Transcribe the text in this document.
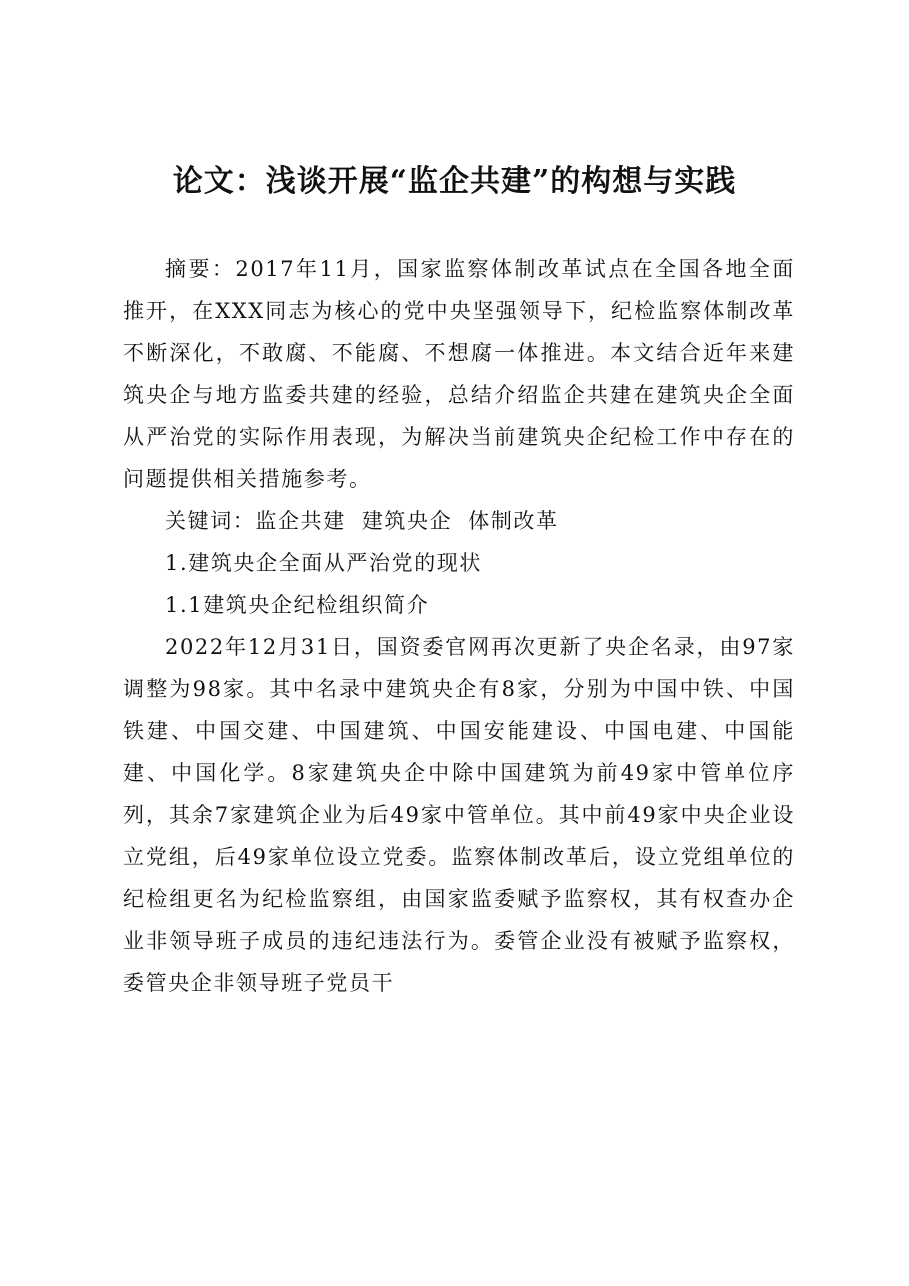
论文：浅谈开展“监企共建”的构想与实践

摘要：2017年11月，国家监察体制改革试点在全国各地全面推开，在XXX同志为核心的党中央坚强领导下，纪检监察体制改革不断深化，不敢腐、不能腐、不想腐一体推进。本文结合近年来建筑央企与地方监委共建的经验，总结介绍监企共建在建筑央企全面从严治党的实际作用表现，为解决当前建筑央企纪检工作中存在的问题提供相关措施参考。

关键词：监企共建 建筑央企 体制改革

1.建筑央企全面从严治党的现状

1.1建筑央企纪检组织简介

2022年12月31日，国资委官网再次更新了央企名录，由97家调整为98家。其中名录中建筑央企有8家，分别为中国中铁、中国铁建、中国交建、中国建筑、中国安能建设、中国电建、中国能建、中国化学。8家建筑央企中除中国建筑为前49家中管单位序列，其余7家建筑企业为后49家中管单位。其中前49家中央企业设立党组，后49家单位设立党委。监察体制改革后，设立党组单位的纪检组更名为纪检监察组，由国家监委赋予监察权，其有权查办企业非领导班子成员的违纪违法行为。委管企业没有被赋予监察权，委管央企非领导班子党员干
